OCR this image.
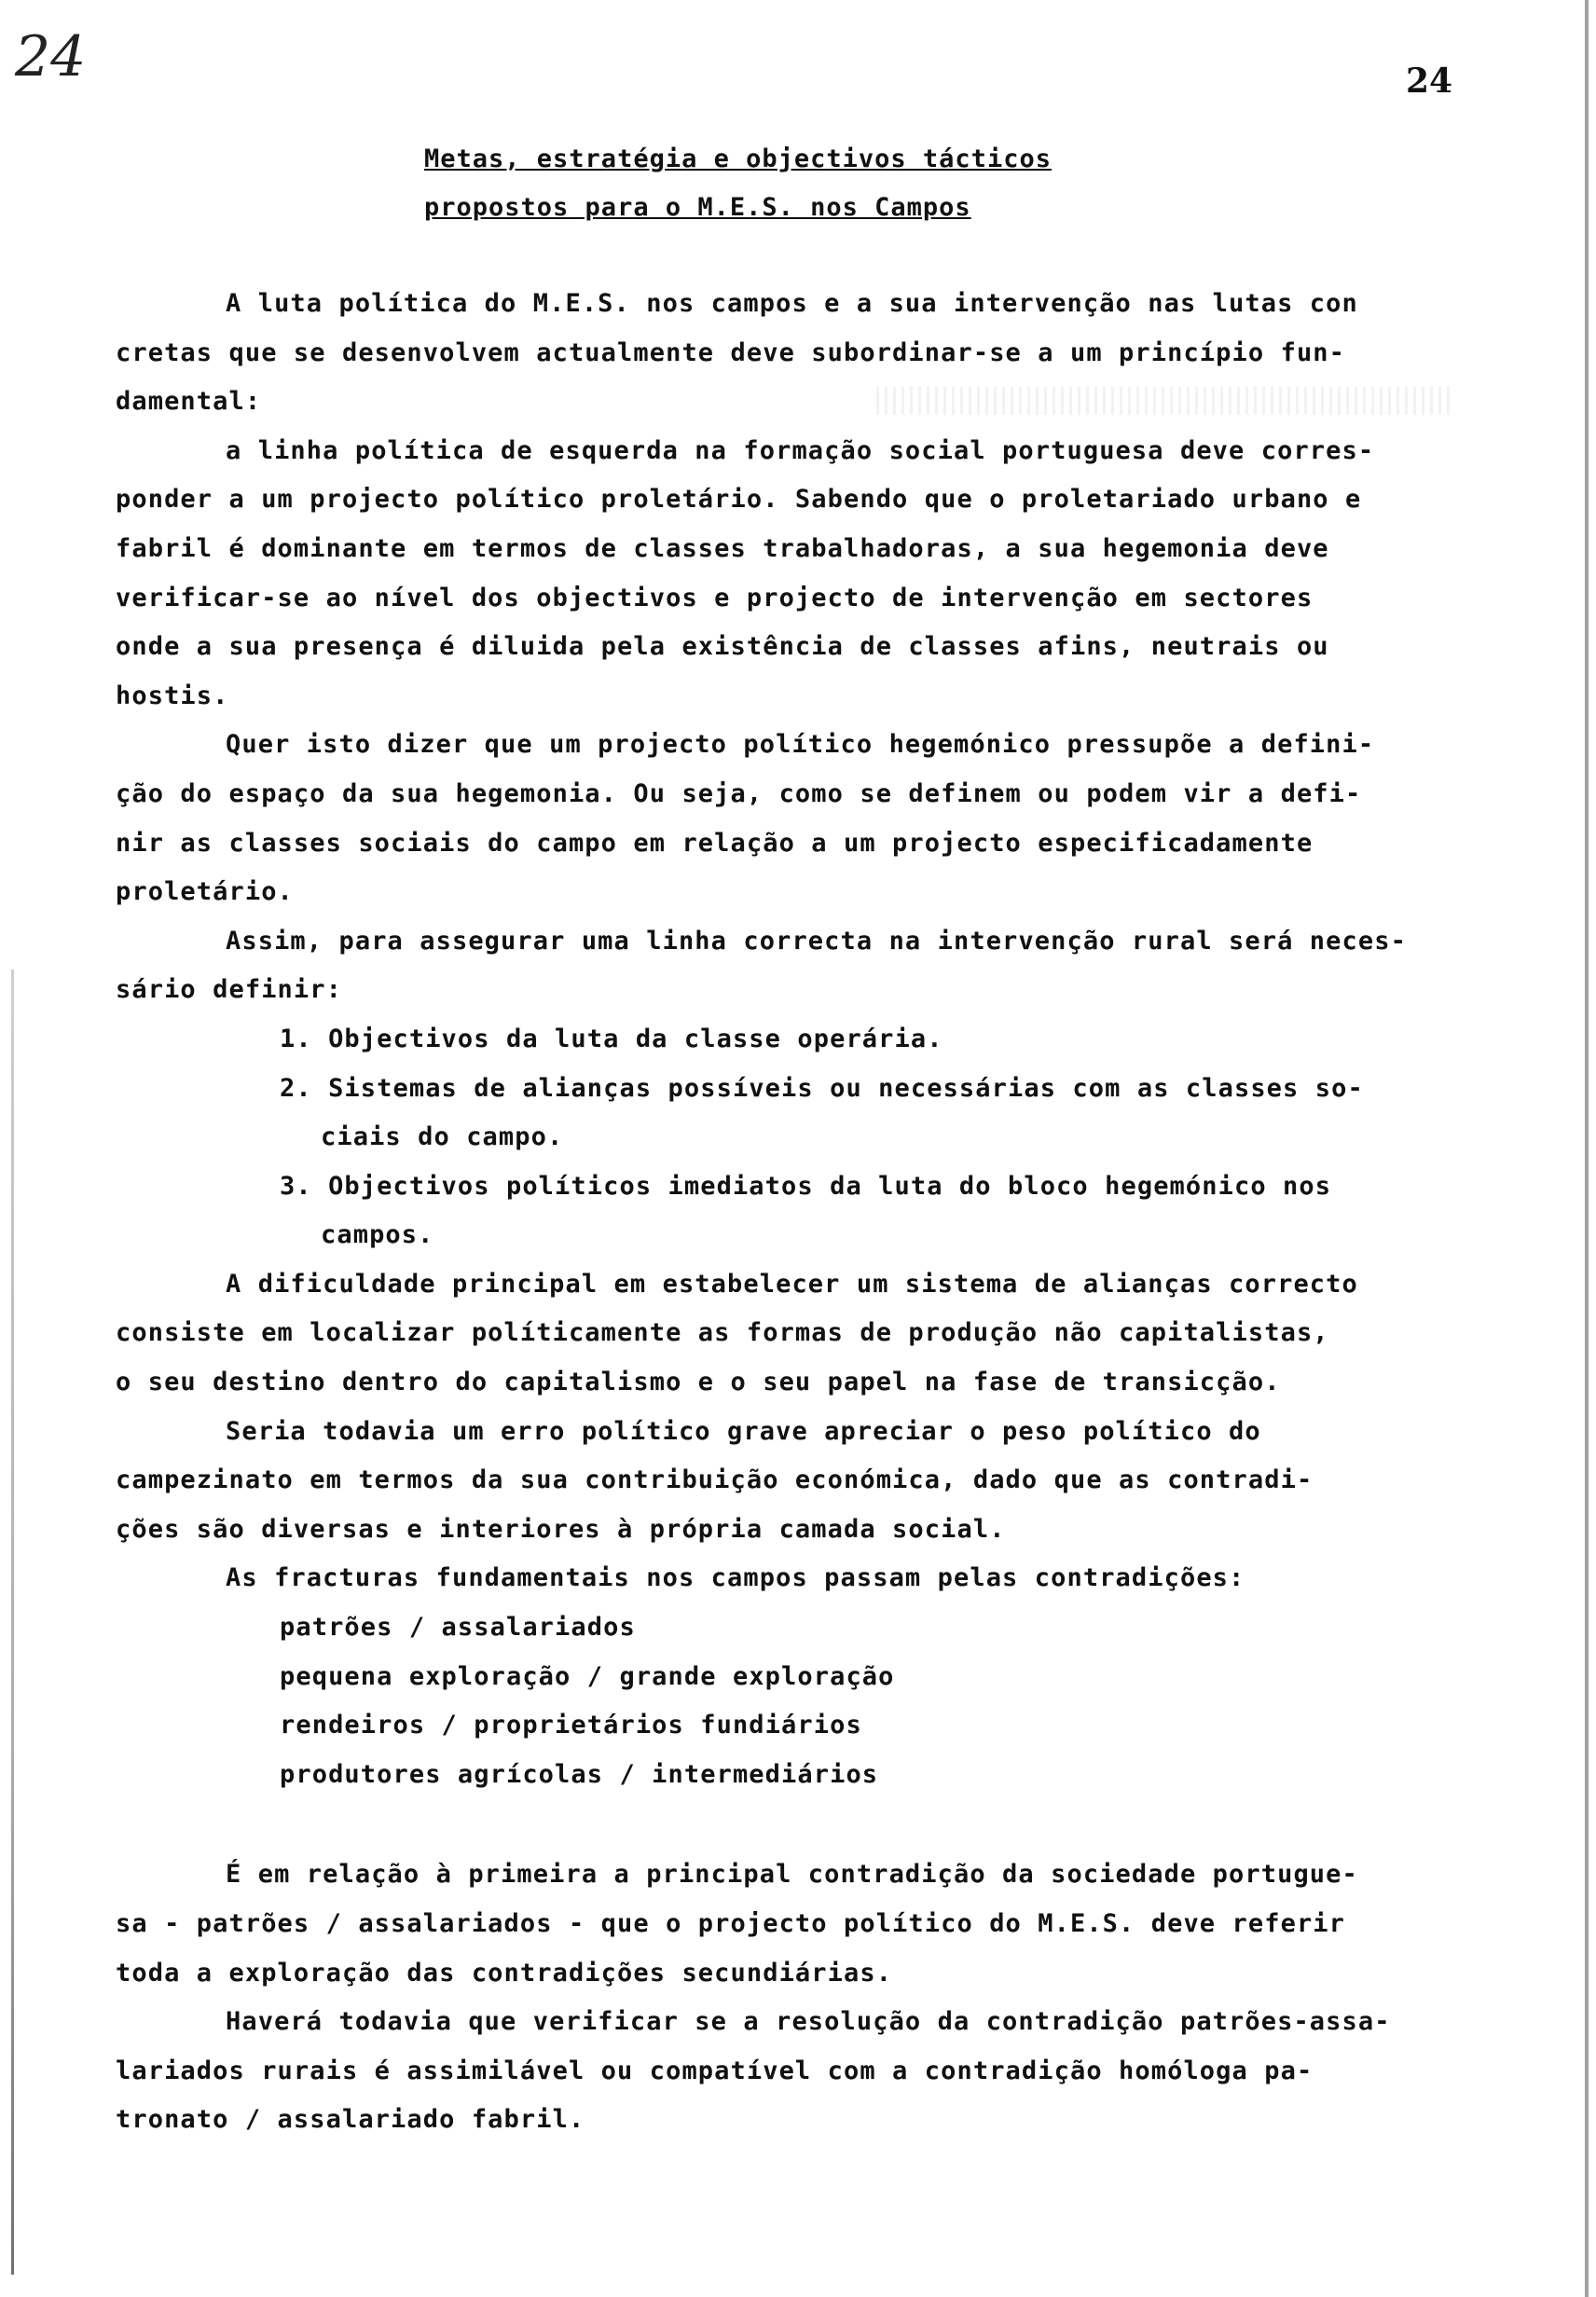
24	24
Metas, estratégia e objectivos tácticos
propostos para o M.E.S. nos Campos
A luta política do M.E.S. nos campos e a sua intervenção nas lutas con
cretas que se desenvolvem actualmente deve subordinar-se a um princípio fun-
damental:
a linha política de esquerda na formação social portuguesa deve corres-
ponder a um projecto político proletário. Sabendo que o proletariado urbano e
fabril é dominante em termos de classes trabalhadoras, a sua hegemonia deve
verificar-se ao nível dos objectivos e projecto de intervenção em sectores
onde a sua presença é diluida pela existência de classes afins, neutrais ou
hostis.
Quer isto dizer que um projecto político hegemónico pressupõe a defini-
ção do espaço da sua hegemonia. Ou seja, como se definem ou podem vir a defi-
nir as classes sociais do campo em relação a um projecto especificadamente
proletário.
Assim, para assegurar uma linha correcta na intervenção rural será neces-
sário definir:
1. Objectivos da luta da classe operária.
2. Sistemas de alianças possíveis ou necessárias com as classes so-
ciais do campo.
3. Objectivos políticos imediatos da luta do bloco hegemónico nos
campos.
A dificuldade principal em estabelecer um sistema de alianças correcto
consiste em localizar políticamente as formas de produção não capitalistas,
o seu destino dentro do capitalismo e o seu papel na fase de transicção.
Seria todavia um erro político grave apreciar o peso político do
campezinato em termos da sua contribuição económica, dado que as contradi-
ções são diversas e interiores à própria camada social.
As fracturas fundamentais nos campos passam pelas contradições:
patrões / assalariados
pequena exploração / grande exploração
rendeiros / proprietários fundiários
produtores agrícolas / intermediários
É em relação à primeira a principal contradição da sociedade portugue-
sa - patrões / assalariados - que o projecto político do M.E.S. deve referir
toda a exploração das contradições secundiárias.
Haverá todavia que verificar se a resolução da contradição patrões-assa-
lariados rurais é assimilável ou compatível com a contradição homóloga pa-
tronato / assalariado fabril.
